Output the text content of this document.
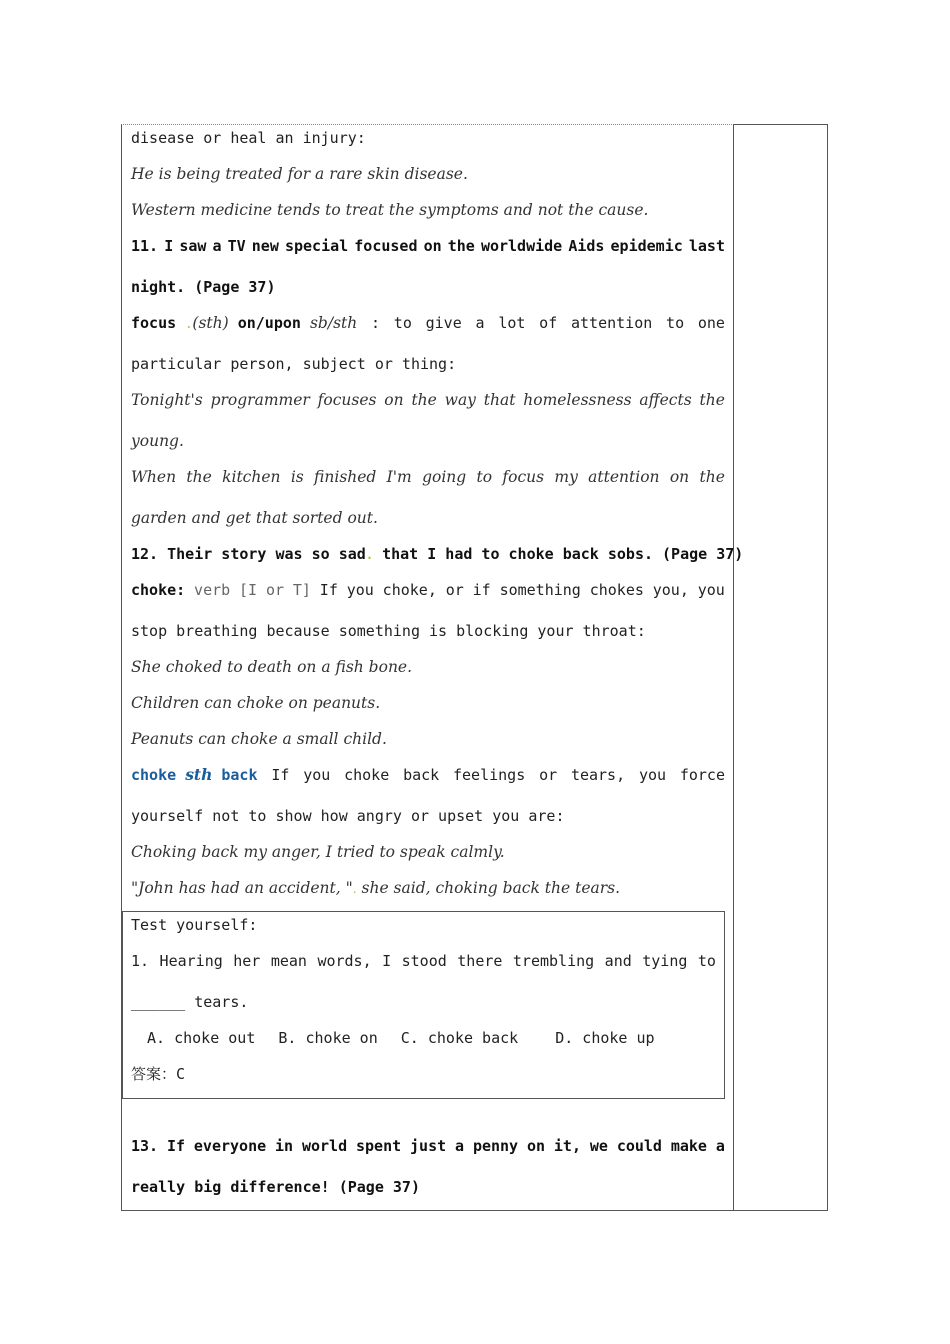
disease or heal an injury:
He is being treated for a rare skin disease.
Western medicine tends to treat the symptoms and not the cause.
11. I saw a TV new special focused on the worldwide Aids epidemic last
night. (Page 37)
focus .(sth) on/upon sb/sth : to give a lot of attention to one
particular person, subject or thing:
Tonight's programmer focuses on the way that homelessness affects the
young.
When the kitchen is finished I'm going to focus my attention on the
garden and get that sorted out.
12. Their story was so sad. that I had to choke back sobs. (Page 37)
choke: verb [I or T] If you choke, or if something chokes you, you
stop breathing because something is blocking your throat:
She choked to death on a fish bone.
Children can choke on peanuts.
Peanuts can choke a small child.
choke sth back If you choke back feelings or tears, you force
yourself not to show how angry or upset you are:
Choking back my anger, I tried to speak calmly.
"John has had an accident, ". she said, choking back the tears.
Test yourself:
1. Hearing her mean words, I stood there trembling and tying to
______ tears.
A. choke out B. choke on C. choke back D. choke up
答案：C
13. If everyone in world spent just a penny on it, we could make a
really big difference! (Page 37)
